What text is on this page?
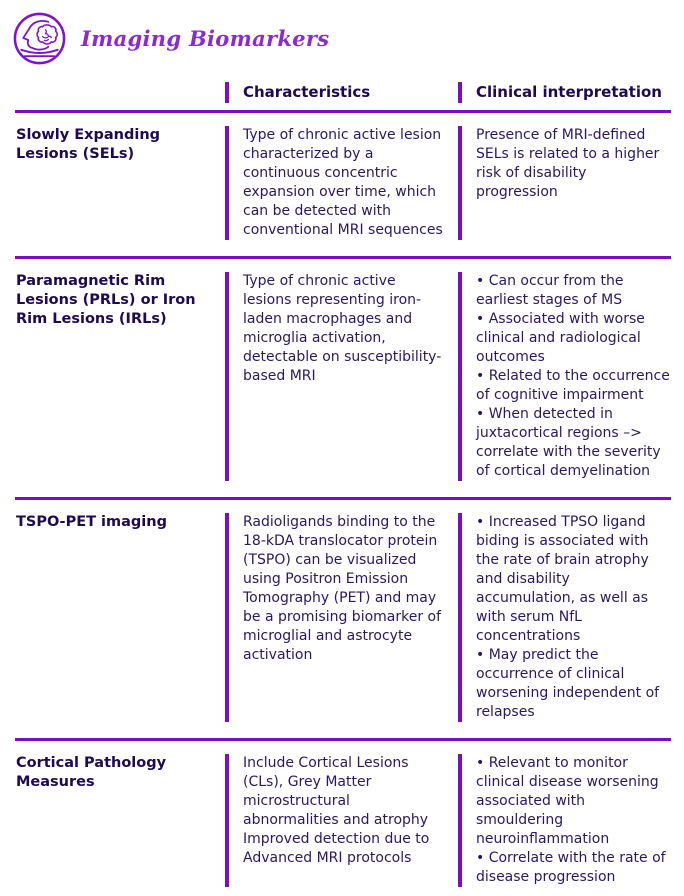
Imaging Biomarkers
Characteristics	Clinical interpretation
Slowly Expanding Lesions (SELs)
Type of chronic active lesion characterized by a continuous concentric expansion over time, which can be detected with conventional MRI sequences
Presence of MRI-defined SELs is related to a higher risk of disability progression
Paramagnetic Rim Lesions (PRLs) or Iron Rim Lesions (IRLs)
Type of chronic active lesions representing iron-laden macrophages and microglia activation, detectable on susceptibility-based MRI
• Can occur from the earliest stages of MS
• Associated with worse clinical and radiological outcomes
• Related to the occurrence of cognitive impairment
• When detected in juxtacortical regions –> correlate with the severity of cortical demyelination
TSPO-PET imaging	Radioligands binding to the 18-kDA translocator protein (TSPO) can be visualized using Positron Emission Tomography (PET) and may be a promising biomarker of microglial and astrocyte activation
• Increased TPSO ligand biding is associated with the rate of brain atrophy and disability accumulation, as well as with serum NfL concentrations
• May predict the occurrence of clinical worsening independent of relapses
Cortical Pathology Measures
Include Cortical Lesions (CLs), Grey Matter microstructural abnormalities and atrophy
Improved detection due to Advanced MRI protocols
• Relevant to monitor clinical disease worsening associated with smouldering neuroinflammation
• Correlate with the rate of disease progression
